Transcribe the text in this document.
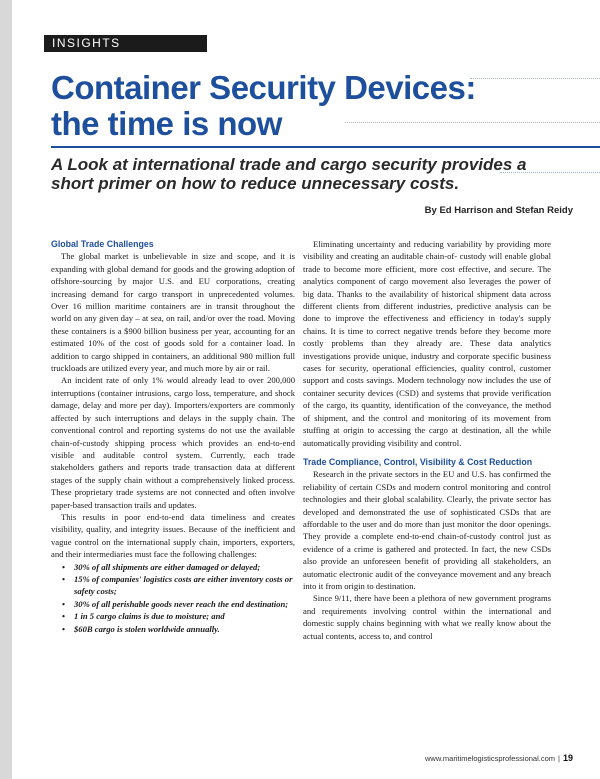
INSIGHTS
Container Security Devices:
the time is now
A Look at international trade and cargo security provides a short primer on how to reduce unnecessary costs.
By Ed Harrison and Stefan Reidy
Global Trade Challenges

The global market is unbelievable in size and scope, and it is expanding with global demand for goods and the growing adoption of offshore-sourcing by major U.S. and EU corporations, creating increasing demand for cargo transport in unprecedented volumes. Over 16 million maritime containers are in transit throughout the world on any given day – at sea, on rail, and/or over the road. Moving these containers is a $900 billion business per year, accounting for an estimated 10% of the cost of goods sold for a container load. In addition to cargo shipped in containers, an additional 980 million full truckloads are utilized every year, and much more by air or rail.

An incident rate of only 1% would already lead to over 200,000 interruptions (container intrusions, cargo loss, temperature, and shock damage, delay and more per day). Importers/exporters are commonly affected by such interruptions and delays in the supply chain. The conventional control and reporting systems do not use the available chain-of-custody shipping process which provides an end-to-end visible and auditable control system. Currently, each trade stakeholders gathers and reports trade transaction data at different stages of the supply chain without a comprehensively linked process. These proprietary trade systems are not connected and often involve paper-based transaction trails and updates.

This results in poor end-to-end data timeliness and creates visibility, quality, and integrity issues. Because of the inefficient and vague control on the international supply chain, importers, exporters, and their intermediaries must face the following challenges:

• 30% of all shipments are either damaged or delayed;
• 15% of companies' logistics costs are either inventory costs or safety costs;
• 30% of all perishable goods never reach the end destination;
• 1 in 5 cargo claims is due to moisture; and
• $60B cargo is stolen worldwide annually.

Eliminating uncertainty and reducing variability by providing more visibility and creating an auditable chain-of- custody will enable global trade to become more efficient, more cost effective, and secure. The analytics component of cargo movement also leverages the power of big data. Thanks to the availability of historical shipment data across different clients from different industries, predictive analysis can be done to improve the effectiveness and efficiency in today's supply chains. It is time to correct negative trends before they become more costly problems than they already are. These data analytics investigations provide unique, industry and corporate specific business cases for security, operational efficiencies, quality control, customer support and costs savings. Modern technology now includes the use of container security devices (CSD) and systems that provide verification of the cargo, its quantity, identification of the conveyance, the method of shipment, and the control and monitoring of its movement from stuffing at origin to accessing the cargo at destination, all the while automatically providing visibility and control.

Trade Compliance, Control, Visibility & Cost Reduction

Research in the private sectors in the EU and U.S. has confirmed the reliability of certain CSDs and modern control monitoring and control technologies and their global scalability. Clearly, the private sector has developed and demonstrated the use of sophisticated CSDs that are affordable to the user and do more than just monitor the door openings. They provide a complete end-to-end chain-of-custody control just as evidence of a crime is gathered and protected. In fact, the new CSDs also provide an unforeseen benefit of providing all stakeholders, an automatic electronic audit of the conveyance movement and any breach into it from origin to destination.

Since 9/11, there have been a plethora of new government programs and requirements involving control within the international and domestic supply chains beginning with what we really know about the actual contents, access to, and control

www.maritimelogisticsprofessional.com | 19
